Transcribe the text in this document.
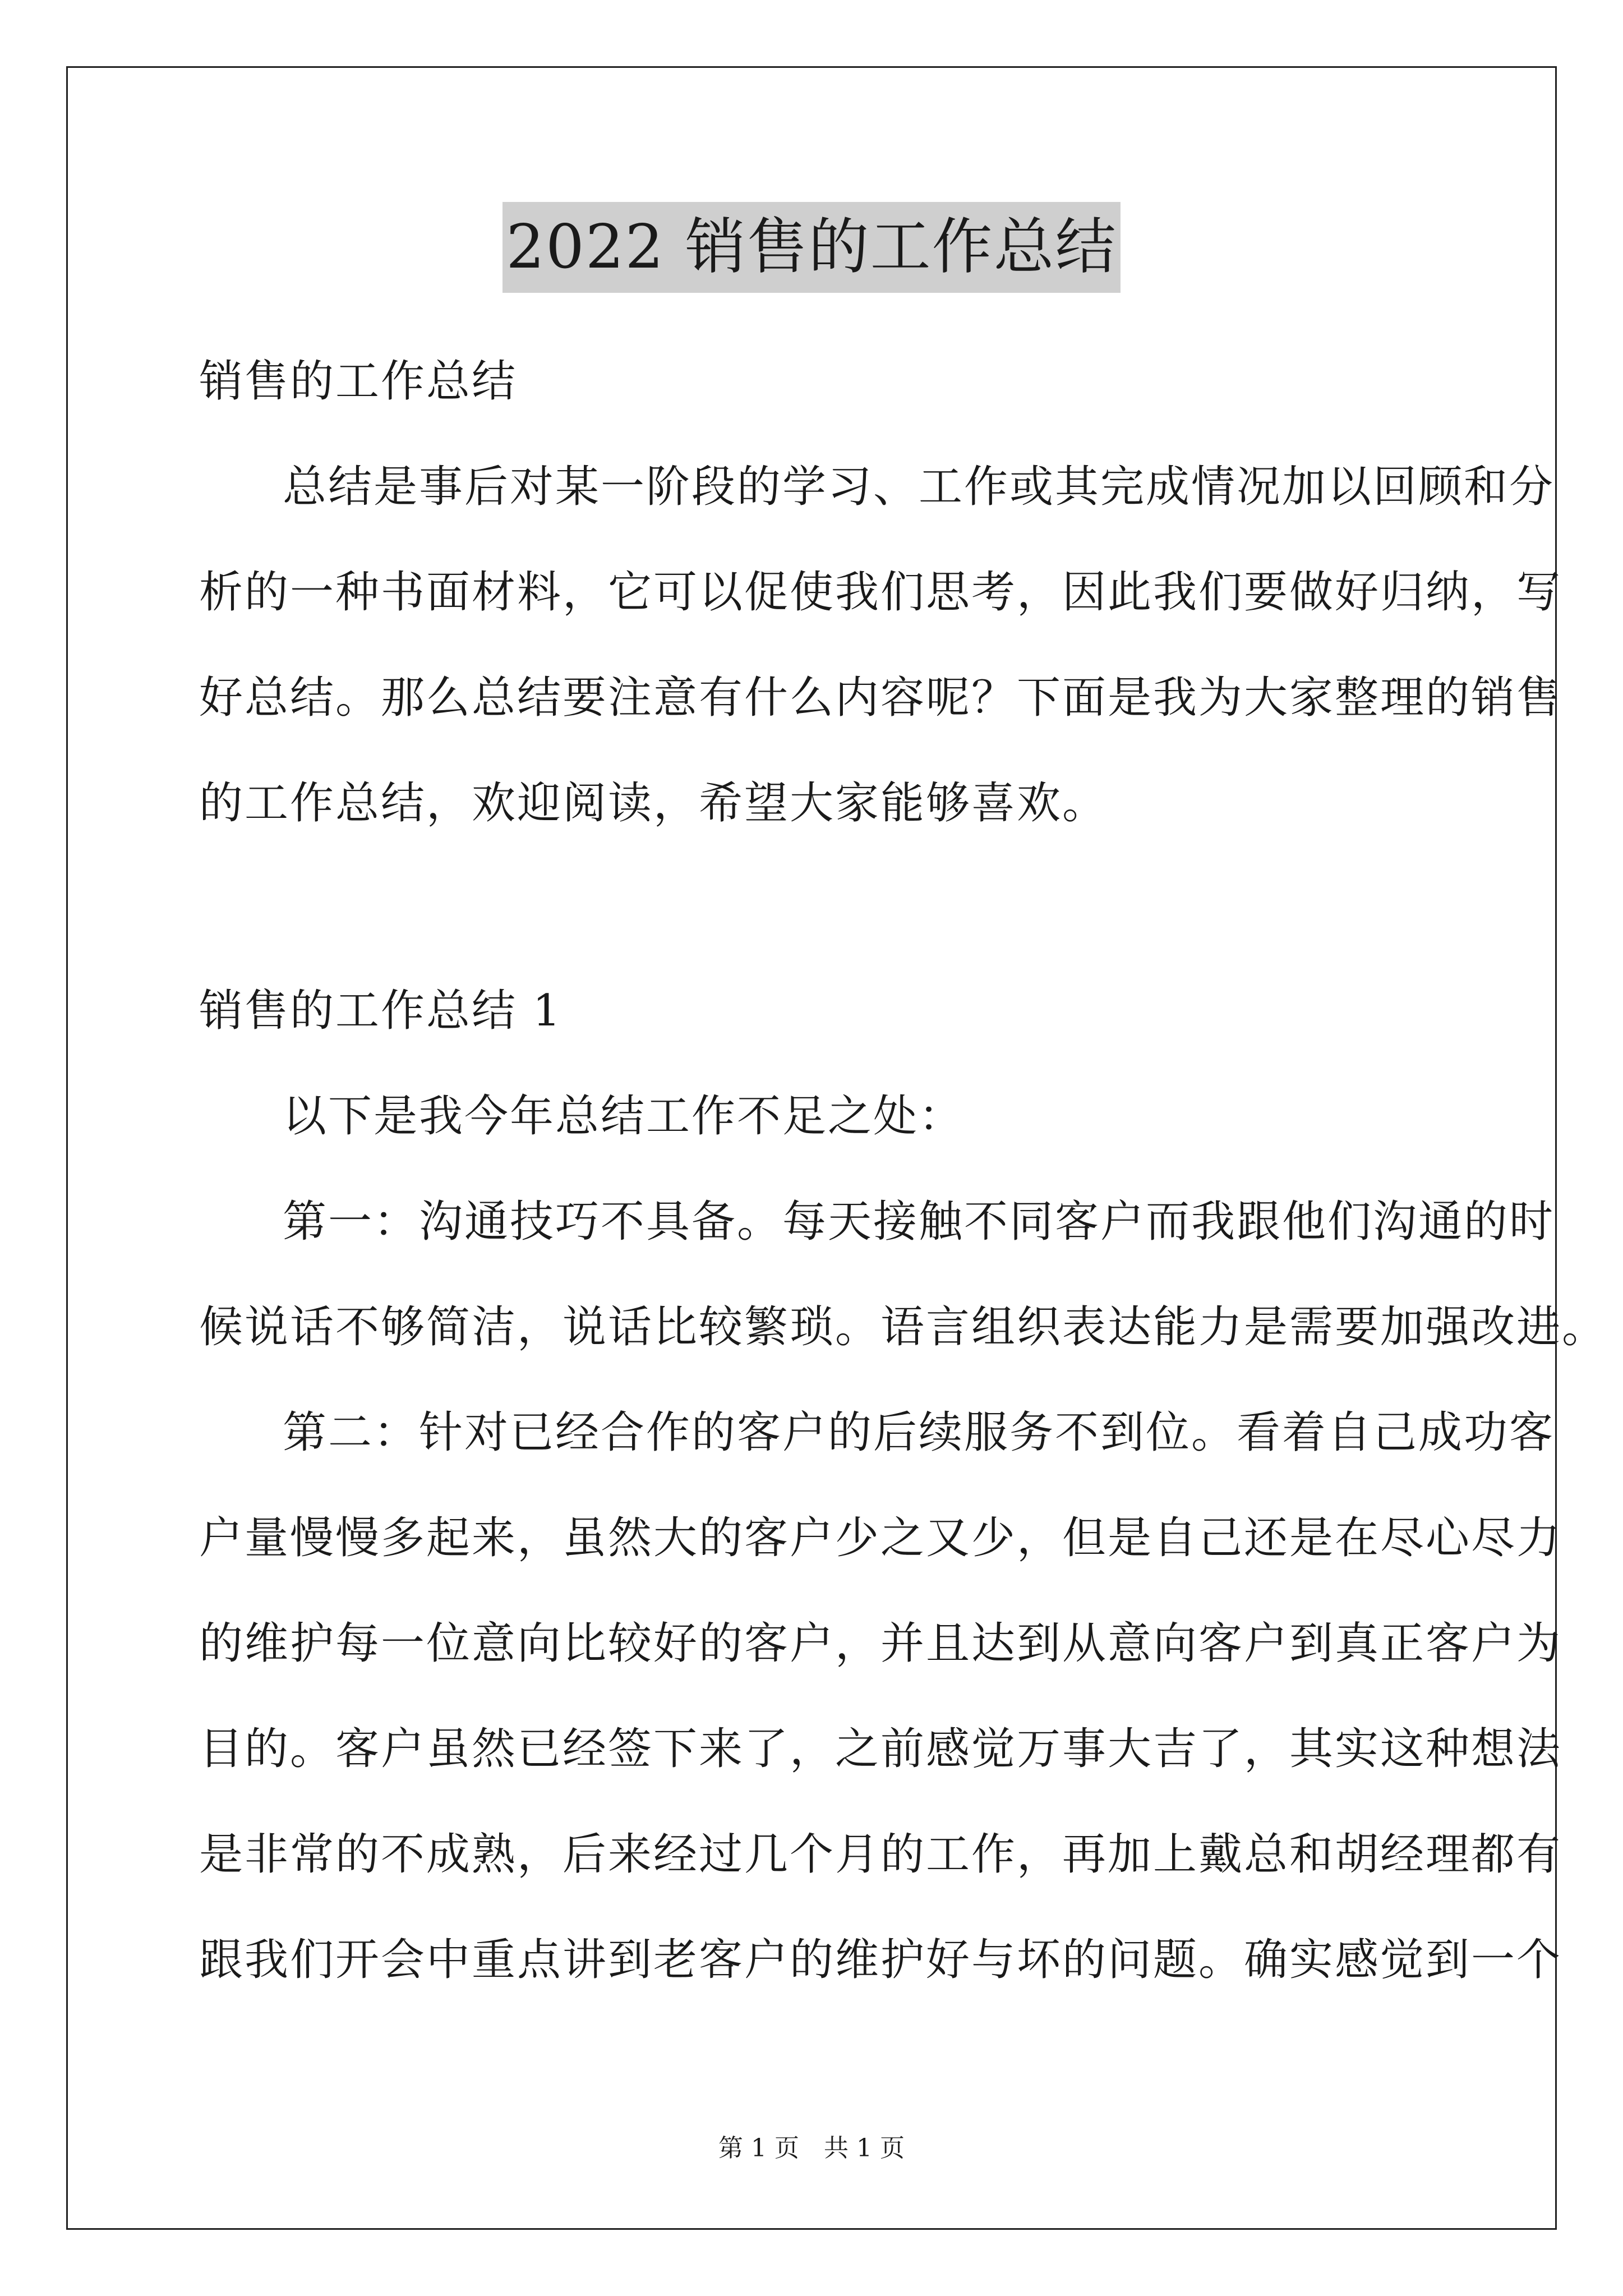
2022 销售的工作总结
销售的工作总结
总结是事后对某一阶段的学习、工作或其完成情况加以回顾和分
析的一种书面材料，它可以促使我们思考，因此我们要做好归纳，写
好总结。那么总结要注意有什么内容呢？下面是我为大家整理的销售
的工作总结，欢迎阅读，希望大家能够喜欢。
销售的工作总结 1
以下是我今年总结工作不足之处：
第一：沟通技巧不具备。每天接触不同客户而我跟他们沟通的时
候说话不够简洁，说话比较繁琐。语言组织表达能力是需要加强改进。
第二：针对已经合作的客户的后续服务不到位。看着自己成功客
户量慢慢多起来，虽然大的客户少之又少，但是自己还是在尽心尽力
的维护每一位意向比较好的客户，并且达到从意向客户到真正客户为
目的。客户虽然已经签下来了，之前感觉万事大吉了，其实这种想法
是非常的不成熟，后来经过几个月的工作，再加上戴总和胡经理都有
跟我们开会中重点讲到老客户的维护好与坏的问题。确实感觉到一个
第 1 页　共 1 页
